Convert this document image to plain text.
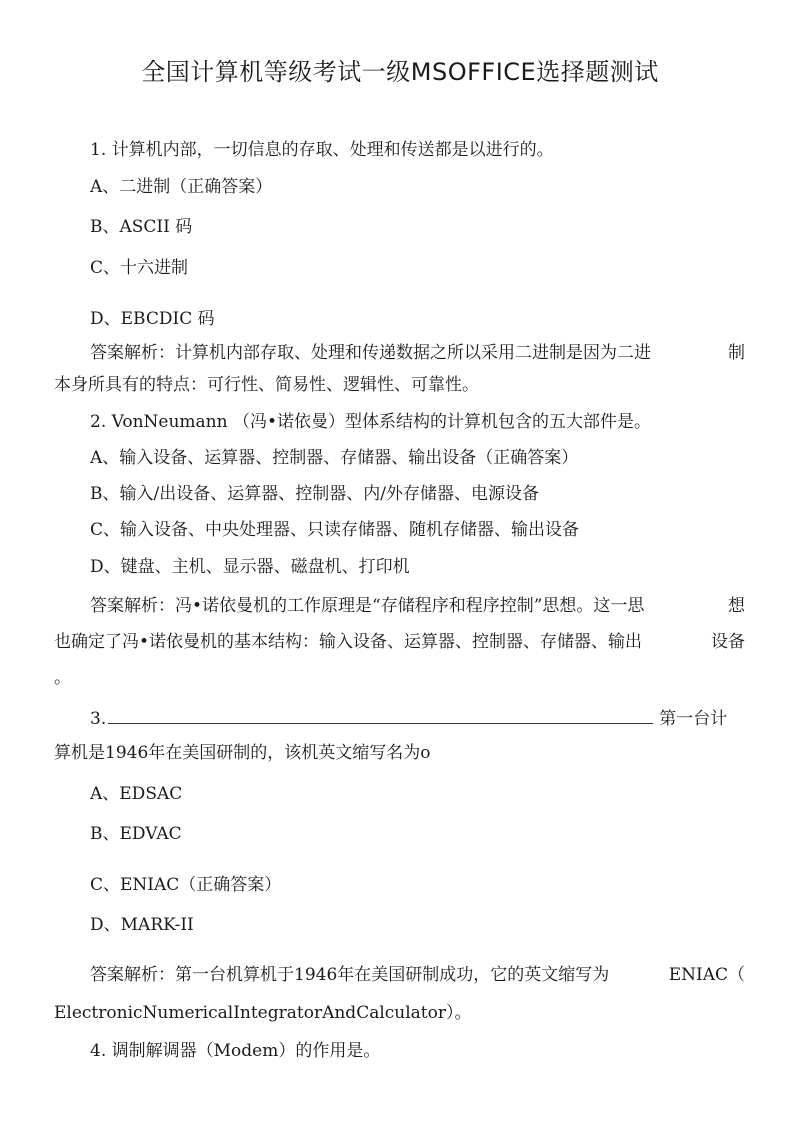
全国计算机等级考试一级MSOFFICE选择题测试
1. 计算机内部，一切信息的存取、处理和传送都是以进行的。
A、二进制（正确答案）
B、ASCII 码
C、十六进制
D、EBCDIC 码
答案解析：计算机内部存取、处理和传递数据之所以采用二进制是因为二进	制
本身所具有的特点：可行性、简易性、逻辑性、可靠性。
2. VonNeumann （冯•诺依曼）型体系结构的计算机包含的五大部件是。
A、输入设备、运算器、控制器、存储器、输出设备（正确答案）
B、输入/出设备、运算器、控制器、内/外存储器、电源设备
C、输入设备、中央处理器、只读存储器、随机存储器、输出设备
D、键盘、主机、显示器、磁盘机、打印机
答案解析：冯•诺依曼机的工作原理是“存储程序和程序控制”思想。这一思	想
也确定了冯•诺依曼机的基本结构：输入设备、运算器、控制器、存储器、输出	设备
。
3.	第一台计
算机是1946年在美国研制的，该机英文缩写名为o
A、EDSAC
B、EDVAC
C、ENIAC（正确答案）
D、MARK-II
答案解析：第一台机算机于1946年在美国研制成功，它的英文缩写为	ENIAC（
ElectronicNumericalIntegratorAndCalculator）。
4. 调制解调器（Modem）的作用是。
